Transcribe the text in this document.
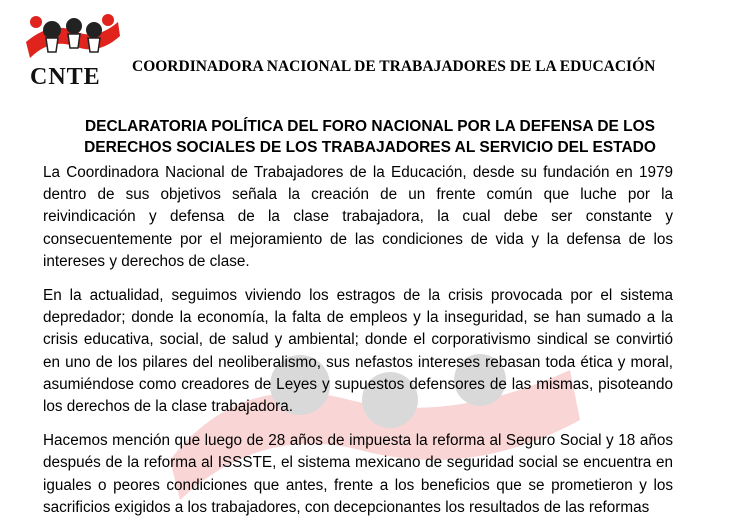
CNTE COORDINADORA NACIONAL DE TRABAJADORES DE LA EDUCACIÓN
DECLARATORIA POLÍTICA DEL FORO NACIONAL POR LA DEFENSA DE LOS DERECHOS SOCIALES DE LOS TRABAJADORES AL SERVICIO DEL ESTADO

La Coordinadora Nacional de Trabajadores de la Educación, desde su fundación en 1979 dentro de sus objetivos señala la creación de un frente común que luche por la reivindicación y defensa de la clase trabajadora, la cual debe ser constante y consecuentemente por el mejoramiento de las condiciones de vida y la defensa de los intereses y derechos de clase.

En la actualidad, seguimos viviendo los estragos de la crisis provocada por el sistema depredador; donde la economía, la falta de empleos y la inseguridad, se han sumado a la crisis educativa, social, de salud y ambiental; donde el corporativismo sindical se convirtió en uno de los pilares del neoliberalismo, sus nefastos intereses rebasan toda ética y moral, asumiéndose como creadores de Leyes y supuestos defensores de las mismas, pisoteando los derechos de la clase trabajadora.

Hacemos mención que luego de 28 años de impuesta la reforma al Seguro Social y 18 años después de la reforma al ISSSTE, el sistema mexicano de seguridad social se encuentra en iguales o peores condiciones que antes, frente a los beneficios que se prometieron y los sacrificios exigidos a los trabajadores, con decepcionantes los resultados de las reformas
